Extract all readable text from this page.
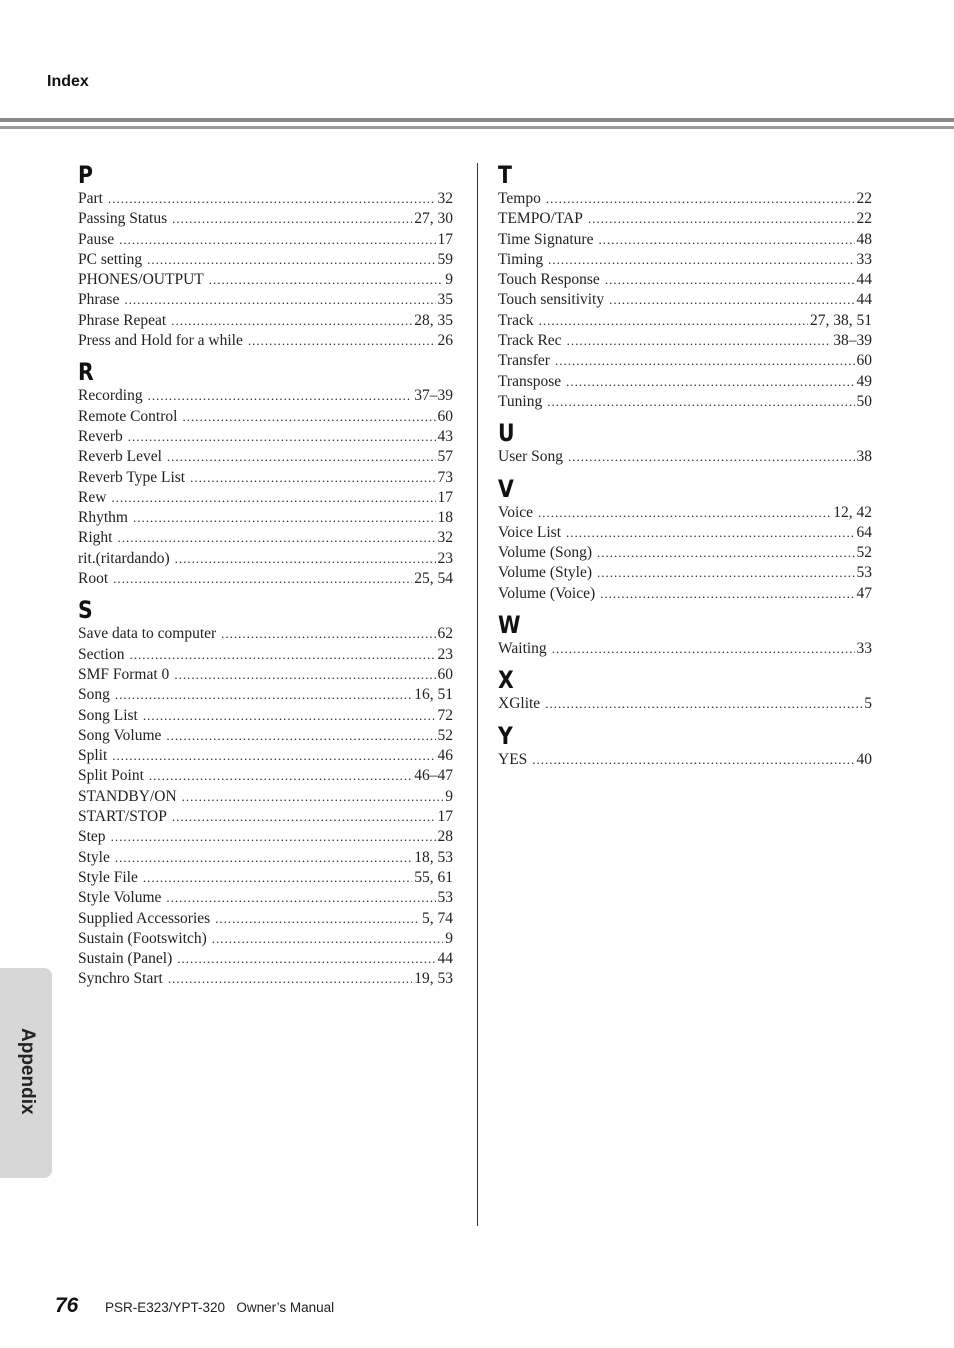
Index
P
Part .....	32
Passing Status .....	27, 30
Pause .....	17
PC setting .....	59
PHONES/OUTPUT .....	9
Phrase .....	35
Phrase Repeat .....	28, 35
Press and Hold for a while .....	26
R
Recording .....	37–39
Remote Control .....	60
Reverb .....	43
Reverb Level .....	57
Reverb Type List .....	73
Rew .....	17
Rhythm .....	18
Right .....	32
rit.(ritardando) .....	23
Root .....	25, 54
S
Save data to computer .....	62
Section .....	23
SMF Format 0 .....	60
Song .....	16, 51
Song List .....	72
Song Volume .....	52
Split .....	46
Split Point .....	46–47
STANDBY/ON .....	9
START/STOP .....	17
Step .....	28
Style .....	18, 53
Style File .....	55, 61
Style Volume .....	53
Supplied Accessories .....	5, 74
Sustain (Footswitch) .....	9
Sustain (Panel) .....	44
Synchro Start .....	19, 53
T
Tempo .....	22
TEMPO/TAP .....	22
Time Signature .....	48
Timing .....	33
Touch Response .....	44
Touch sensitivity .....	44
Track .....	27, 38, 51
Track Rec .....	38–39
Transfer .....	60
Transpose .....	49
Tuning .....	50
U
User Song .....	38
V
Voice .....	12, 42
Voice List .....	64
Volume (Song) .....	52
Volume (Style) .....	53
Volume (Voice) .....	47
W
Waiting .....	33
X
XGlite .....	5
Y
YES .....	40
Appendix
76 PSR-E323/YPT-320   Owner’s Manual
